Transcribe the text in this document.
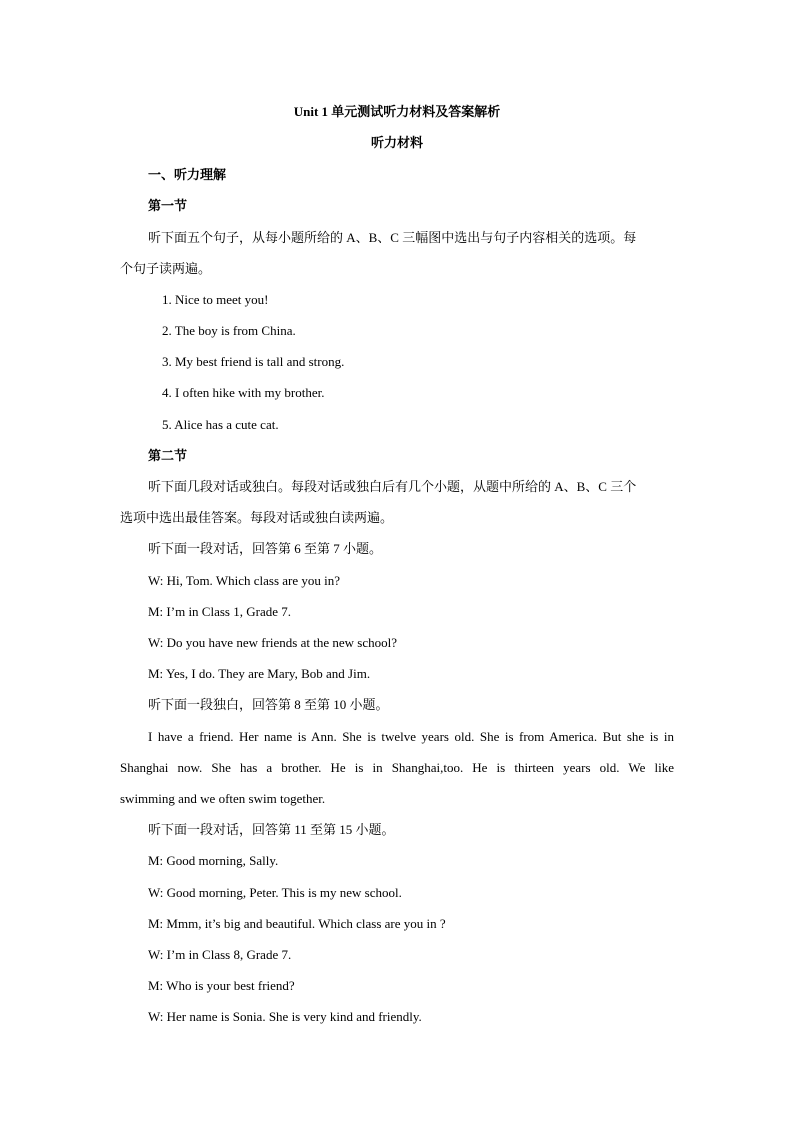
Unit 1 单元测试听力材料及答案解析
听力材料
一、听力理解
第一节
听下面五个句子，从每小题所给的 A、B、C 三幅图中选出与句子内容相关的选项。每
个句子读两遍。
1. Nice to meet you!
2. The boy is from China.
3. My best friend is tall and strong.
4. I often hike with my brother.
5. Alice has a cute cat.
第二节
听下面几段对话或独白。每段对话或独白后有几个小题，从题中所给的 A、B、C 三个
选项中选出最佳答案。每段对话或独白读两遍。
听下面一段对话，回答第 6 至第 7 小题。
W: Hi, Tom. Which class are you in?
M: I’m in Class 1, Grade 7.
W: Do you have new friends at the new school?
M: Yes, I do. They are Mary, Bob and Jim.
听下面一段独白，回答第 8 至第 10 小题。
I have a friend. Her name is Ann. She is twelve years old. She is from America. But she is in
Shanghai now. She has a brother. He is in Shanghai,too. He is thirteen years old. We like
swimming and we often swim together.
听下面一段对话，回答第 11 至第 15 小题。
M: Good morning, Sally.
W: Good morning, Peter. This is my new school.
M: Mmm, it’s big and beautiful. Which class are you in ?
W: I’m in Class 8, Grade 7.
M: Who is your best friend?
W: Her name is Sonia. She is very kind and friendly.
